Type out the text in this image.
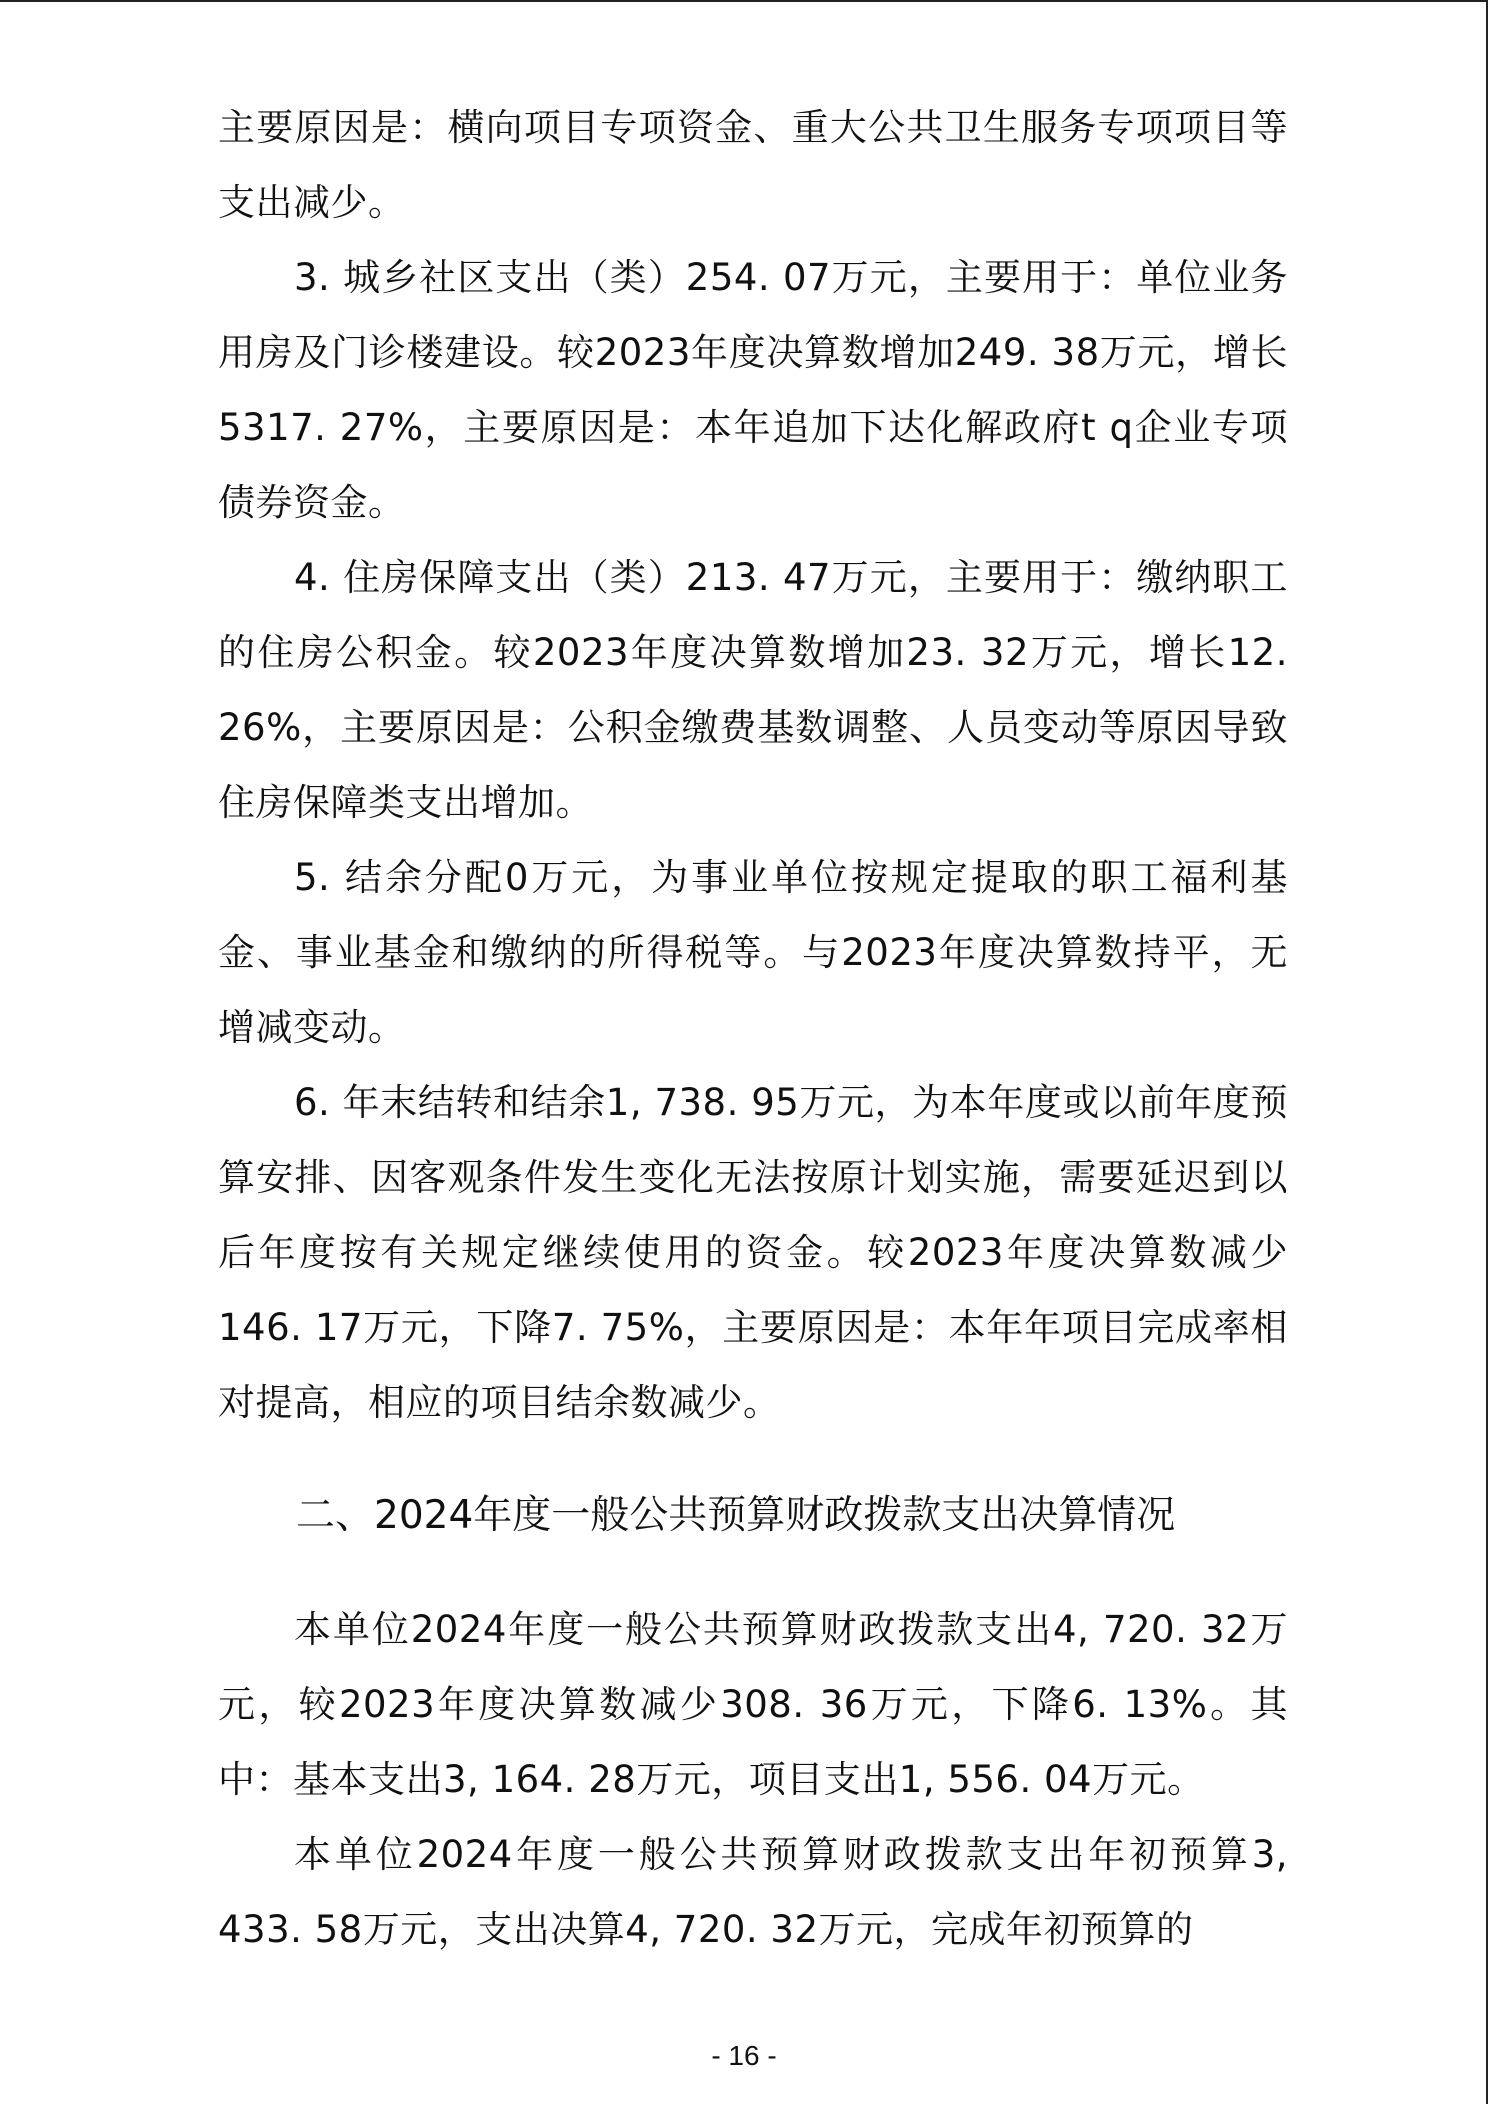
主要原因是：横向项目专项资金、重大公共卫生服务专项项目等支出减少。

3. 城乡社区支出（类）254. 07万元，主要用于：单位业务用房及门诊楼建设。较2023年度决算数增加249. 38万元，增长5317. 27%，主要原因是：本年追加下达化解政府t q企业专项债券资金。

4. 住房保障支出（类）213. 47万元，主要用于：缴纳职工的住房公积金。较2023年度决算数增加23. 32万元，增长12. 26%，主要原因是：公积金缴费基数调整、人员变动等原因导致住房保障类支出增加。

5. 结余分配0万元，为事业单位按规定提取的职工福利基金、事业基金和缴纳的所得税等。与2023年度决算数持平，无增减变动。

6. 年末结转和结余1, 738. 95万元，为本年度或以前年度预算安排、因客观条件发生变化无法按原计划实施，需要延迟到以后年度按有关规定继续使用的资金。较2023年度决算数减少146. 17万元，下降7. 75%，主要原因是：本年年项目完成率相对提高，相应的项目结余数减少。

二、2024年度一般公共预算财政拨款支出决算情况

本单位2024年度一般公共预算财政拨款支出4, 720. 32万元，较2023年度决算数减少308. 36万元，下降6. 13%。其中：基本支出3, 164. 28万元，项目支出1, 556. 04万元。

本单位2024年度一般公共预算财政拨款支出年初预算3, 433. 58万元，支出决算4, 720. 32万元，完成年初预算的

- 16 -
